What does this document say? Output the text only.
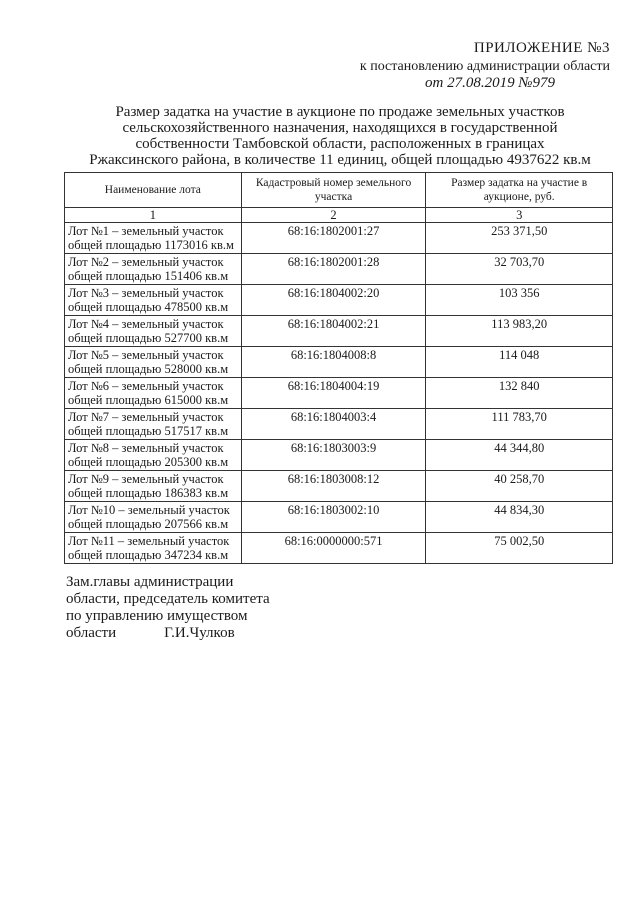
ПРИЛОЖЕНИЕ №3
к постановлению администрации области
от 27.08.2019 №979
Размер задатка на участие в аукционе по продаже земельных участков
сельскохозяйственного назначения, находящихся в государственной
собственности Тамбовской области, расположенных в границах
Ржаксинского района, в количестве 11 единиц, общей площадью 4937622 кв.м
Наименование лота	Кадастровый номер земельного участка	Размер задатка на участие в аукционе, руб.
1	2	3
Лот №1 – земельный участок общей площадью 1173016 кв.м	68:16:1802001:27	253 371,50
Лот №2 – земельный участок общей площадью 151406 кв.м	68:16:1802001:28	32 703,70
Лот №3 – земельный участок общей площадью 478500 кв.м	68:16:1804002:20	103 356
Лот №4 – земельный участок общей площадью 527700 кв.м	68:16:1804002:21	113 983,20
Лот №5 – земельный участок общей площадью 528000 кв.м	68:16:1804008:8	114 048
Лот №6 – земельный участок общей площадью 615000 кв.м	68:16:1804004:19	132 840
Лот №7 – земельный участок общей площадью 517517 кв.м	68:16:1804003:4	111 783,70
Лот №8 – земельный участок общей площадью 205300 кв.м	68:16:1803003:9	44 344,80
Лот №9 – земельный участок общей площадью 186383 кв.м	68:16:1803008:12	40 258,70
Лот №10 – земельный участок общей площадью 207566 кв.м	68:16:1803002:10	44 834,30
Лот №11 – земельный участок общей площадью 347234 кв.м	68:16:0000000:571	75 002,50
Зам.главы администрации
области, председатель комитета
по управлению имуществом
области	Г.И.Чулков
